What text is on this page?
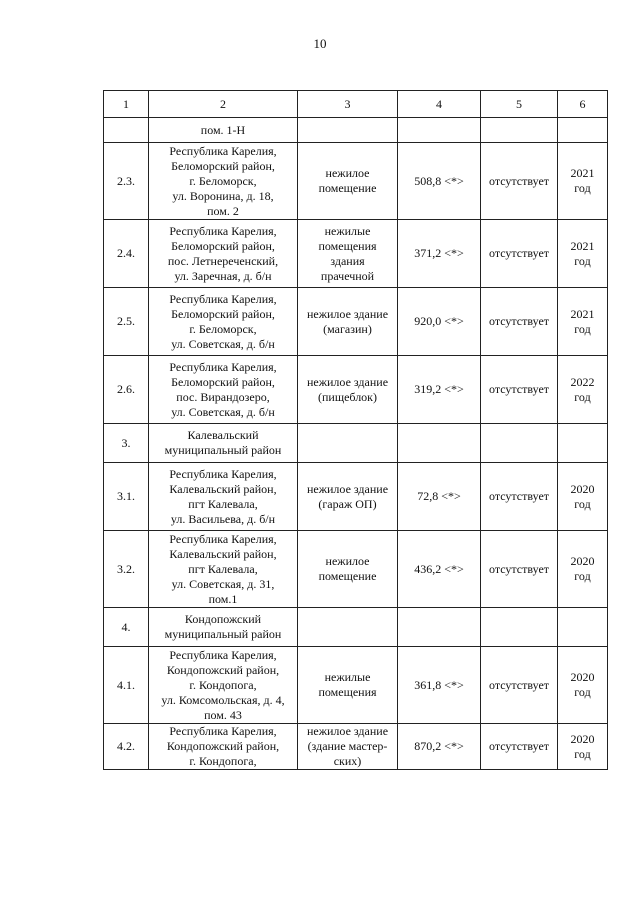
10
1	2	3	4	5	6

	пом. 1-Н				

2.3.	Республика Карелия,
Беломорский район,
г. Беломорск,
ул. Воронина, д. 18,
пом. 2	нежилое
помещение	508,8 <*>	отсутствует	2021
год

2.4.	Республика Карелия,
Беломорский район,
пос. Летнереченский,
ул. Заречная, д. б/н	нежилые
помещения
здания
прачечной	371,2 <*>	отсутствует	2021
год

2.5.	Республика Карелия,
Беломорский район,
г. Беломорск,
ул. Советская, д. б/н	нежилое здание
(магазин)	920,0 <*>	отсутствует	2021
год

2.6.	Республика Карелия,
Беломорский район,
пос. Вирандозеро,
ул. Советская, д. б/н	нежилое здание
(пищеблок)	319,2 <*>	отсутствует	2022
год

3.	Калевальский
муниципальный район				

3.1.	Республика Карелия,
Калевальский район,
пгт Калевала,
ул. Васильева, д. б/н	нежилое здание
(гараж ОП)	72,8 <*>	отсутствует	2020
год

3.2.	Республика Карелия,
Калевальский район,
пгт Калевала,
ул. Советская, д. 31,
пом.1	нежилое
помещение	436,2 <*>	отсутствует	2020
год

4.	Кондопожский
муниципальный район				

4.1.	Республика Карелия,
Кондопожский район,
г. Кондопога,
ул. Комсомольская, д. 4,
пом. 43	нежилые
помещения	361,8 <*>	отсутствует	2020
год

4.2.	Республика Карелия,
Кондопожский район,
г. Кондопога,	нежилое здание
(здание мастер-
ских)	870,2 <*>	отсутствует	2020
год
